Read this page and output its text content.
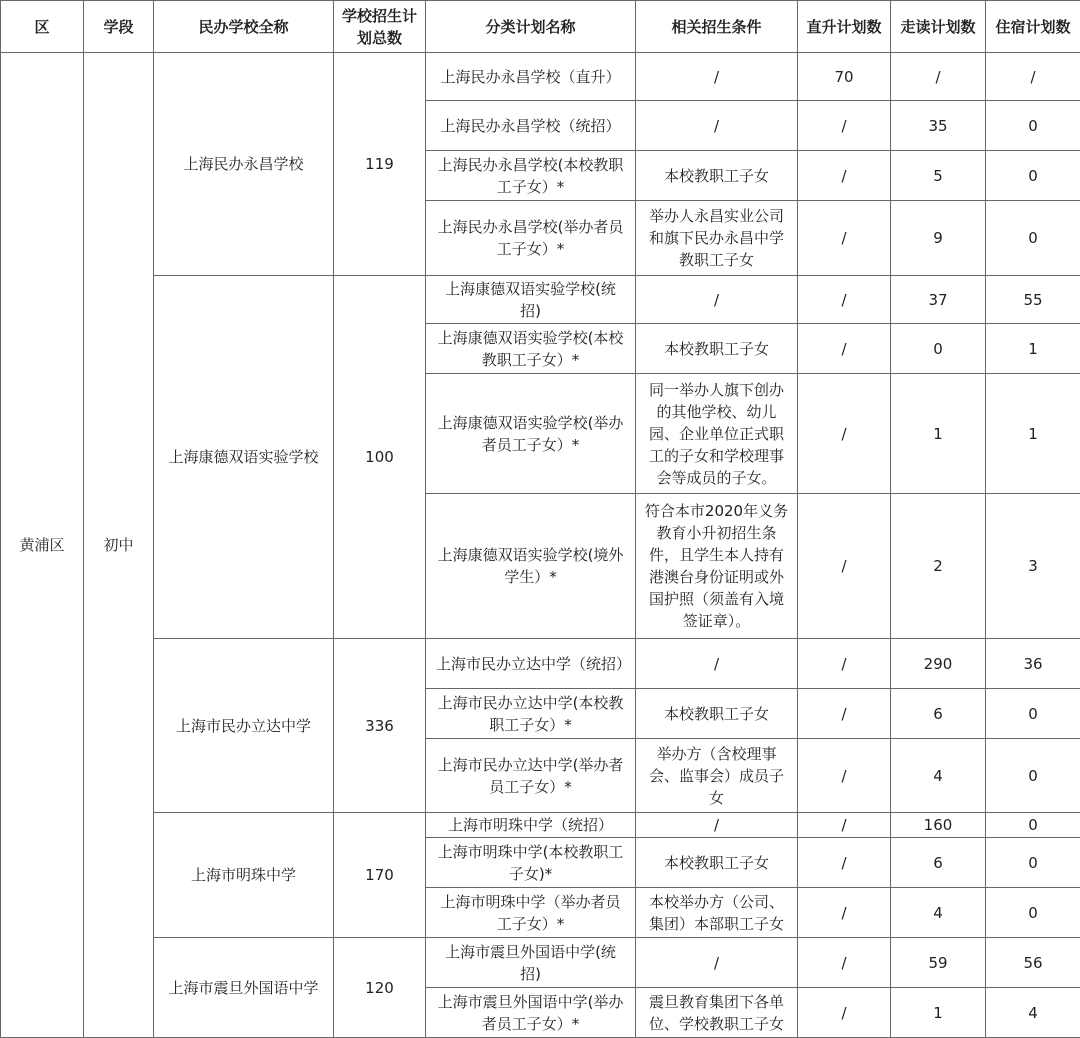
区	学段	民办学校全称	学校招生计划总数	分类计划名称	相关招生条件	直升计划数	走读计划数	住宿计划数
黄浦区	初中	上海民办永昌学校	119	上海民办永昌学校（直升）	/	70	/	/
				上海民办永昌学校（统招）	/	/	35	0
				上海民办永昌学校(本校教职工子女）*	本校教职工子女	/	5	0
				上海民办永昌学校(举办者员工子女）*	举办人永昌实业公司和旗下民办永昌中学教职工子女	/	9	0
		上海康德双语实验学校	100	上海康德双语实验学校(统招)	/	/	37	55
				上海康德双语实验学校(本校教职工子女）*	本校教职工子女	/	0	1
				上海康德双语实验学校(举办者员工子女）*	同一举办人旗下创办的其他学校、幼儿园、企业单位正式职工的子女和学校理事会等成员的子女。	/	1	1
				上海康德双语实验学校(境外学生）*	符合本市2020年义务教育小升初招生条件，且学生本人持有港澳台身份证明或外国护照（须盖有入境签证章）。	/	2	3
		上海市民办立达中学	336	上海市民办立达中学（统招）	/	/	290	36
				上海市民办立达中学(本校教职工子女）*	本校教职工子女	/	6	0
				上海市民办立达中学(举办者员工子女）*	举办方（含校理事会、监事会）成员子女	/	4	0
		上海市明珠中学	170	上海市明珠中学（统招）	/	/	160	0
				上海市明珠中学(本校教职工子女)*	本校教职工子女	/	6	0
				上海市明珠中学（举办者员工子女）*	本校举办方（公司、集团）本部职工子女	/	4	0
		上海市震旦外国语中学	120	上海市震旦外国语中学(统招)	/	/	59	56
				上海市震旦外国语中学(举办者员工子女）*	震旦教育集团下各单位、学校教职工子女	/	1	4
